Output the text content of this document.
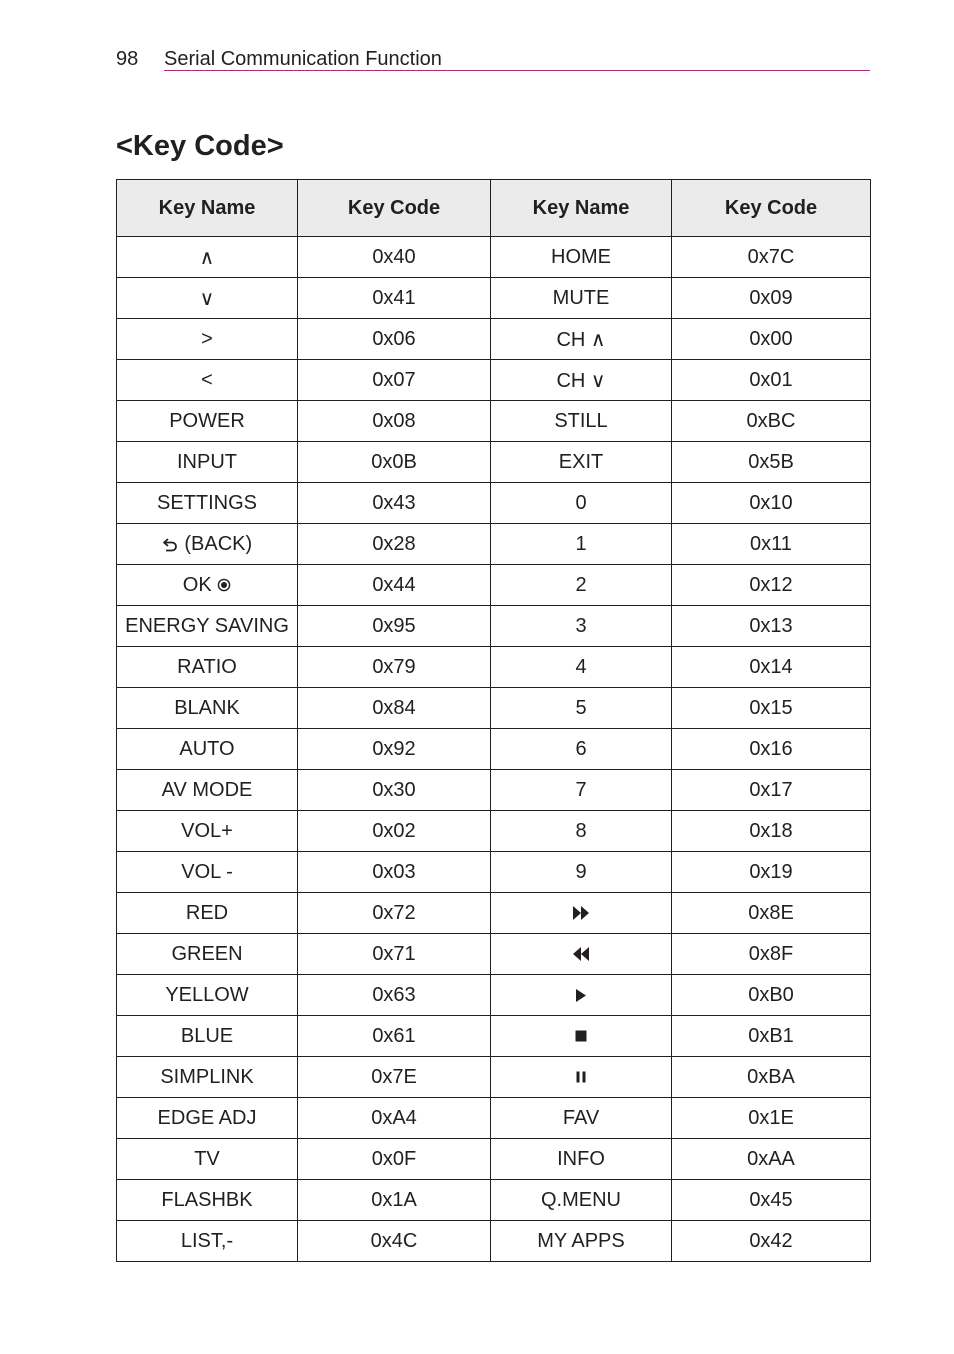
98 Serial Communication Function
<Key Code>
Key Name	Key Code	Key Name	Key Code
∧	0x40	HOME	0x7C
∨	0x41	MUTE	0x09
>	0x06	CH ∧	0x00
<	0x07	CH ∨	0x01
POWER	0x08	STILL	0xBC
INPUT	0x0B	EXIT	0x5B
SETTINGS	0x43	0	0x10

(BACK)	0x28	1	0x11
OK	0x44	2	0x12
ENERGY SAVING	0x95	3	0x13
RATIO	0x79	4	0x14
BLANK	0x84	5	0x15
AUTO	0x92	6	0x16
AV MODE	0x30	7	0x17
VOL+	0x02	8	0x18
VOL -	0x03	9	0x19
RED	0x72		0x8E
GREEN	0x71		0x8F
YELLOW	0x63		0xB0
BLUE	0x61		0xB1
SIMPLINK	0x7E		0xBA
EDGE ADJ	0xA4	FAV	0x1E
TV	0x0F	INFO	0xAA
FLASHBK	0x1A	Q.MENU	0x45
LIST,-	0x4C	MY APPS	0x42
